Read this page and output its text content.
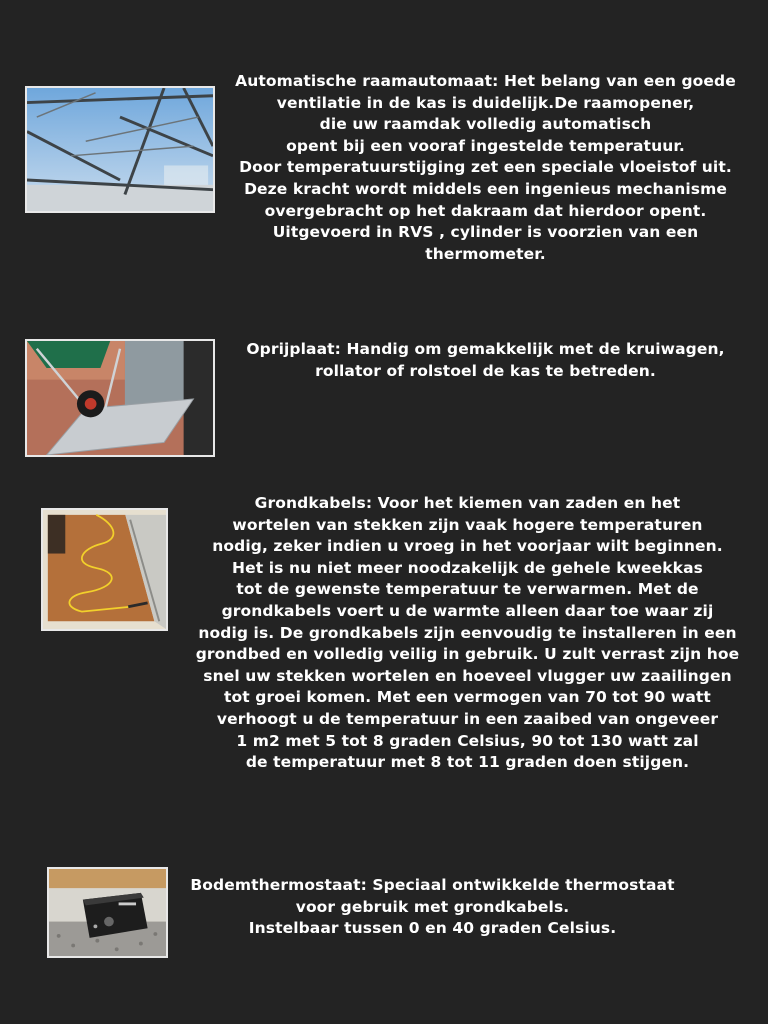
Automatische raamautomaat: Het belang van een goede
ventilatie in de kas is duidelijk.De raamopener,
die uw raamdak volledig automatisch
opent bij een vooraf ingestelde temperatuur.
Door temperatuurstijging zet een speciale vloeistof uit.
Deze kracht wordt middels een ingenieus mechanisme
overgebracht op het dakraam dat hierdoor opent.
Uitgevoerd in RVS , cylinder is voorzien van een
thermometer.
Oprijplaat: Handig om gemakkelijk met de kruiwagen,
rollator of rolstoel de kas te betreden.
Grondkabels: Voor het kiemen van zaden en het
wortelen van stekken zijn vaak hogere temperaturen
nodig, zeker indien u vroeg in het voorjaar wilt beginnen.
Het is nu niet meer noodzakelijk de gehele kweekkas
tot de gewenste temperatuur te verwarmen. Met de
grondkabels voert u de warmte alleen daar toe waar zij
nodig is. De grondkabels zijn eenvoudig te installeren in een
grondbed en volledig veilig in gebruik. U zult verrast zijn hoe
snel uw stekken wortelen en hoeveel vlugger uw zaailingen
tot groei komen. Met een vermogen van 70 tot 90 watt
verhoogt u de temperatuur in een zaaibed van ongeveer
1 m2 met 5 tot 8 graden Celsius, 90 tot 130 watt zal
de temperatuur met 8 tot 11 graden doen stijgen.
Bodemthermostaat: Speciaal ontwikkelde thermostaat
voor gebruik met grondkabels.
Instelbaar tussen 0 en 40 graden Celsius.
